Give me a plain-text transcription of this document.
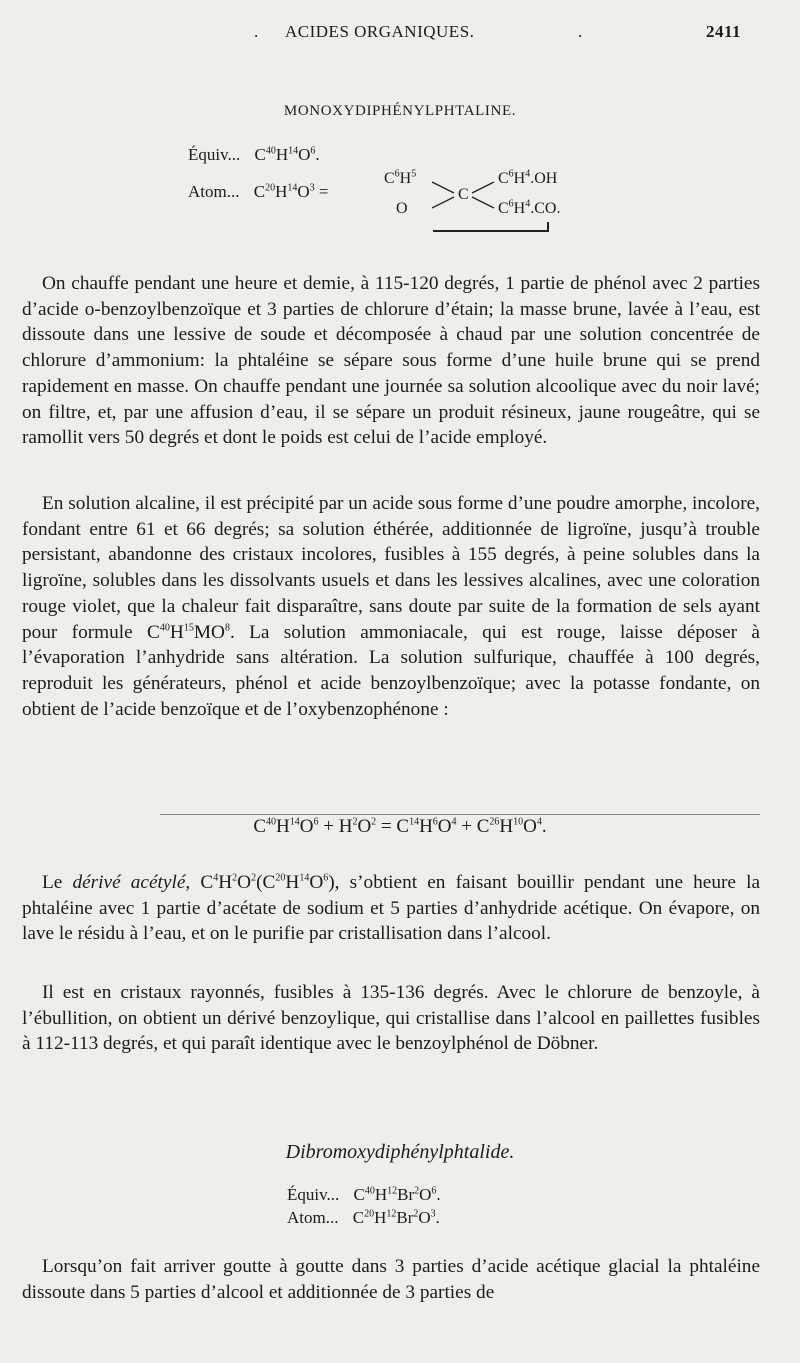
. ACIDES ORGANIQUES.	.	2411
MONOXYDIPHÉNYLPHTALINE.
Équiv... $C^{40}H^{14}O^6$.
Atom... $C^{20}H^{14}O^3$ =
$C^6H^5$
O
C
$C^6H^4.OH$
$C^6H^4.CO$.

On chauffe pendant une heure et demie, à 115-120 degrés, 1 partie de phénol avec 2 parties d’acide o-benzoylbenzoïque et 3 parties de chlorure d’étain; la masse brune, lavée à l’eau, est dissoute dans une lessive de soude et décomposée à chaud par une solution concentrée de chlorure d’ammonium: la phtaléine se sépare sous forme d’une huile brune qui se prend rapidement en masse. On chauffe pendant une journée sa solution alcoolique avec du noir lavé; on filtre, et, par une affusion d’eau, il se sépare un produit résineux, jaune rougeâtre, qui se ramollit vers 50 degrés et dont le poids est celui de l’acide employé.

En solution alcaline, il est précipité par un acide sous forme d’une poudre amorphe, incolore, fondant entre 61 et 66 degrés; sa solution éthérée, additionnée de ligroïne, jusqu’à trouble persistant, abandonne des cristaux incolores, fusibles à 155 degrés, à peine solubles dans la ligroïne, solubles dans les dissolvants usuels et dans les lessives alcalines, avec une coloration rouge violet, que la chaleur fait disparaître, sans doute par suite de la formation de sels ayant pour formule $C^{40}H^{15}MO^8$. La solution ammoniacale, qui est rouge, laisse déposer à l’évaporation l’anhydride sans altération. La solution sulfurique, chauffée à 100 degrés, reproduit les générateurs, phénol et acide benzoylbenzoïque; avec la potasse fondante, on obtient de l’acide benzoïque et de l’oxybenzophénone :

$C^{40}H^{14}O^6 + H^2O^2 = C^{14}H^6O^4 + C^{26}H^{10}O^4$.

Le dérivé acétylé, $C^4H^2O^2(C^{20}H^{14}O^6)$, s’obtient en faisant bouillir pendant une heure la phtaléine avec 1 partie d’acétate de sodium et 5 parties d’anhydride acétique. On évapore, on lave le résidu à l’eau, et on le purifie par cristallisation dans l’alcool.

Il est en cristaux rayonnés, fusibles à 135-136 degrés. Avec le chlorure de benzoyle, à l’ébullition, on obtient un dérivé benzoylique, qui cristallise dans l’alcool en paillettes fusibles à 112-113 degrés, et qui paraît identique avec le benzoylphénol de Döbner.

Dibromoxydiphénylphtalide.
Équiv... $C^{40}H^{12}Br^2O^6$.
Atom... $C^{20}H^{12}Br^2O^3$.

Lorsqu’on fait arriver goutte à goutte dans 3 parties d’acide acétique glacial la phtaléine dissoute dans 5 parties d’alcool et additionnée de 3 parties de
